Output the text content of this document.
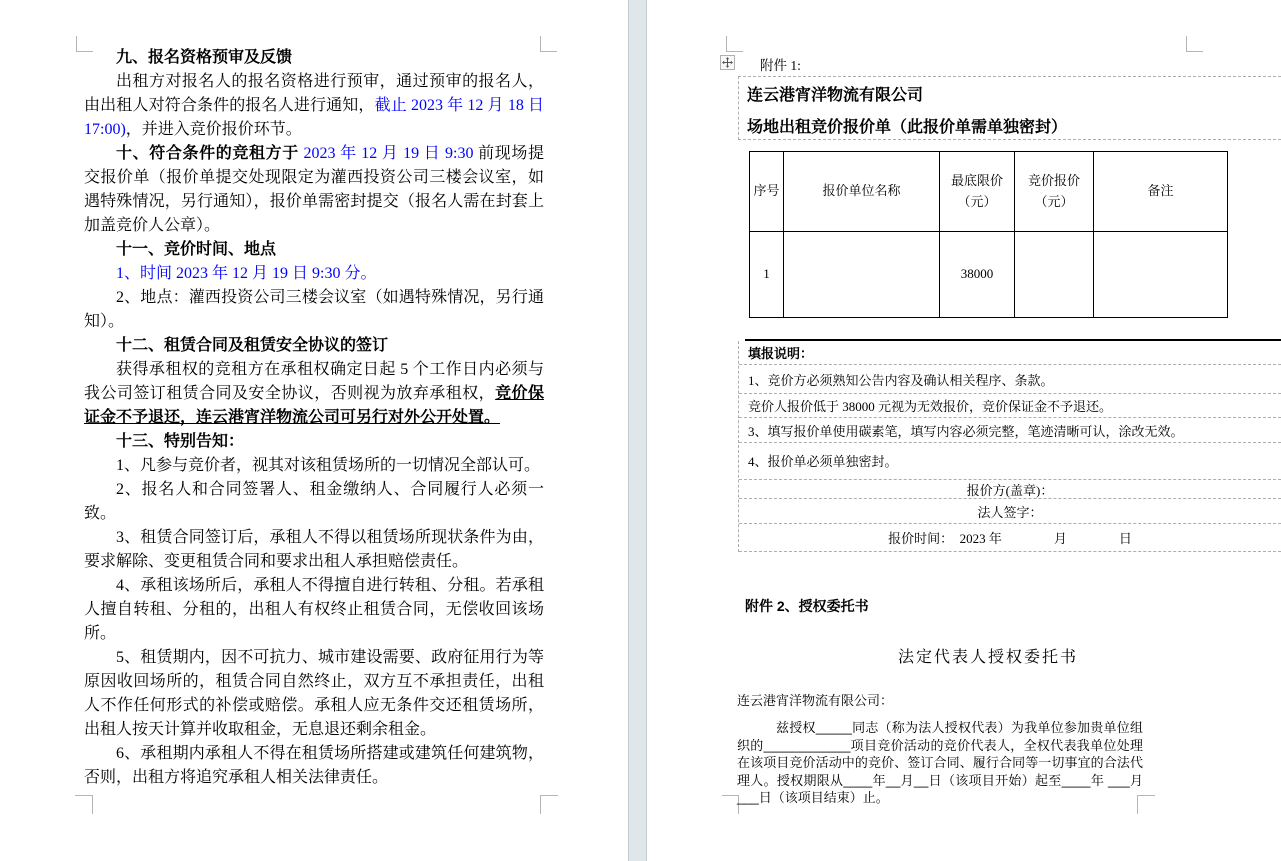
九、报名资格预审及反馈

出租方对报名人的报名资格进行预审，通过预审的报名人，由出租人对符合条件的报名人进行通知，截止 2023 年 12 月 18 日 17:00)，并进入竞价报价环节。

十、符合条件的竞租方于 2023 年 12 月 19 日 9:30 前现场提交报价单（报价单提交处现限定为灌西投资公司三楼会议室，如遇特殊情况，另行通知），报价单需密封提交（报名人需在封套上加盖竞价人公章）。

十一、竞价时间、地点

1、时间 2023 年 12 月 19 日 9:30 分。

2、地点：灌西投资公司三楼会议室（如遇特殊情况，另行通知）。

十二、租赁合同及租赁安全协议的签订

获得承租权的竞租方在承租权确定日起 5 个工作日内必须与我公司签订租赁合同及安全协议，否则视为放弃承租权，竞价保证金不予退还，连云港宵洋物流公司可另行对外公开处置。

十三、特别告知：

1、凡参与竞价者，视其对该租赁场所的一切情况全部认可。

2、报名人和合同签署人、租金缴纳人、合同履行人必须一致。

3、租赁合同签订后，承租人不得以租赁场所现状条件为由，要求解除、变更租赁合同和要求出租人承担赔偿责任。

4、承租该场所后，承租人不得擅自进行转租、分租。若承租人擅自转租、分租的，出租人有权终止租赁合同，无偿收回该场所。

5、租赁期内，因不可抗力、城市建设需要、政府征用行为等原因收回场所的，租赁合同自然终止，双方互不承担责任，出租人不作任何形式的补偿或赔偿。承租人应无条件交还租赁场所，出租人按天计算并收取租金，无息退还剩余租金。

6、承租期内承租人不得在租赁场所搭建或建筑任何建筑物，否则，出租方将追究承租人相关法律责任。

附件 1:
连云港宵洋物流有限公司
场地出租竞价报价单（此报价单需单独密封）
序号	报价单位名称	最底限价（元）	竞价报价（元）	备注
1		38000		
填报说明：
1、竞价方必须熟知公告内容及确认相关程序、条款。
竞价人报价低于 38000 元视为无效报价，竞价保证金不予退还。
3、填写报价单使用碳素笔，填写内容必须完整，笔迹清晰可认，涂改无效。
4、报价单必须单独密封。
报价方(盖章)：
法人签字：
报价时间：　2023 年　　　　月　　　　日
附件 2、授权委托书
法定代表人授权委托书
连云港宵洋物流有限公司：

兹授权_____同志（称为法人授权代表）为我单位参加贵单位组织的____________项目竞价活动的竞价代表人，全权代表我单位处理在该项目竞价活动中的竞价、签订合同、履行合同等一切事宜的合法代理人。授权期限从____年__月__日（该项目开始）起至____年 ___月___日（该项目结束）止。
